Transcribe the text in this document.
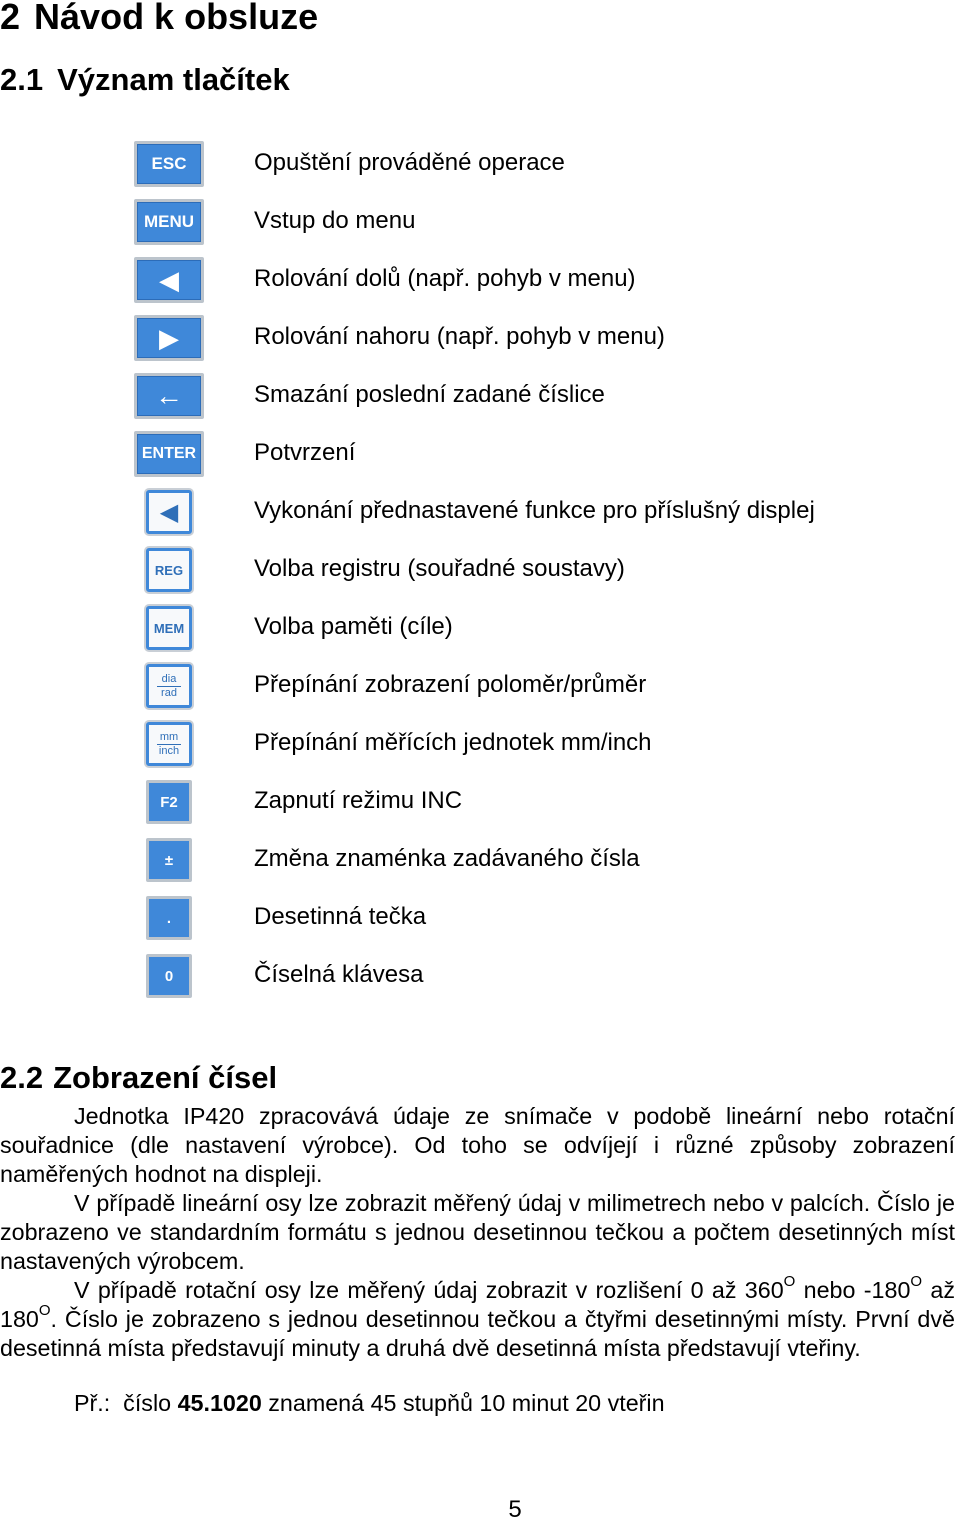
2 Návod k obsluze
2.1 Význam tlačítek
ESC	Opuštění prováděné operace
MENU	Vstup do menu
◀	Rolování dolů (např. pohyb v menu)
▶	Rolování nahoru (např. pohyb v menu)
←	Smazání poslední zadané číslice
ENTER	Potvrzení
◀	Vykonání přednastavené funkce pro příslušný displej
REG	Volba registru (souřadné soustavy)
MEM	Volba paměti (cíle)
$\frac{\text{dia}}{\text{rad}}$	Přepínání zobrazení poloměr/průměr
$\frac{mm}{\text{inch}}$	Přepínání měřících jednotek mm/inch
F2	Zapnutí režimu INC
±	Změna znaménka zadávaného čísla
.	Desetinná tečka
0	Číselná klávesa
2.2 Zobrazení čísel

Jednotka IP420 zpracovává údaje ze snímače v podobě lineární nebo rotační souřadnice (dle nastavení výrobce). Od toho se odvíjejí i různé způsoby zobrazení naměřených hodnot na displeji.

V případě lineární osy lze zobrazit měřený údaj v milimetrech nebo v palcích. Číslo je zobrazeno ve standardním formátu s jednou desetinnou tečkou a počtem desetinných míst nastavených výrobcem.

V případě rotační osy lze měřený údaj zobrazit v rozlišení 0 až $360^O$ nebo $-180^O$ až $180^O$. Číslo je zobrazeno s jednou desetinnou tečkou a čtyřmi desetinnými místy. První dvě desetinná místa představují minuty a druhá dvě desetinná místa představují vteřiny.

Př.:  číslo 45.1020 znamená 45 stupňů 10 minut 20 vteřin

5
